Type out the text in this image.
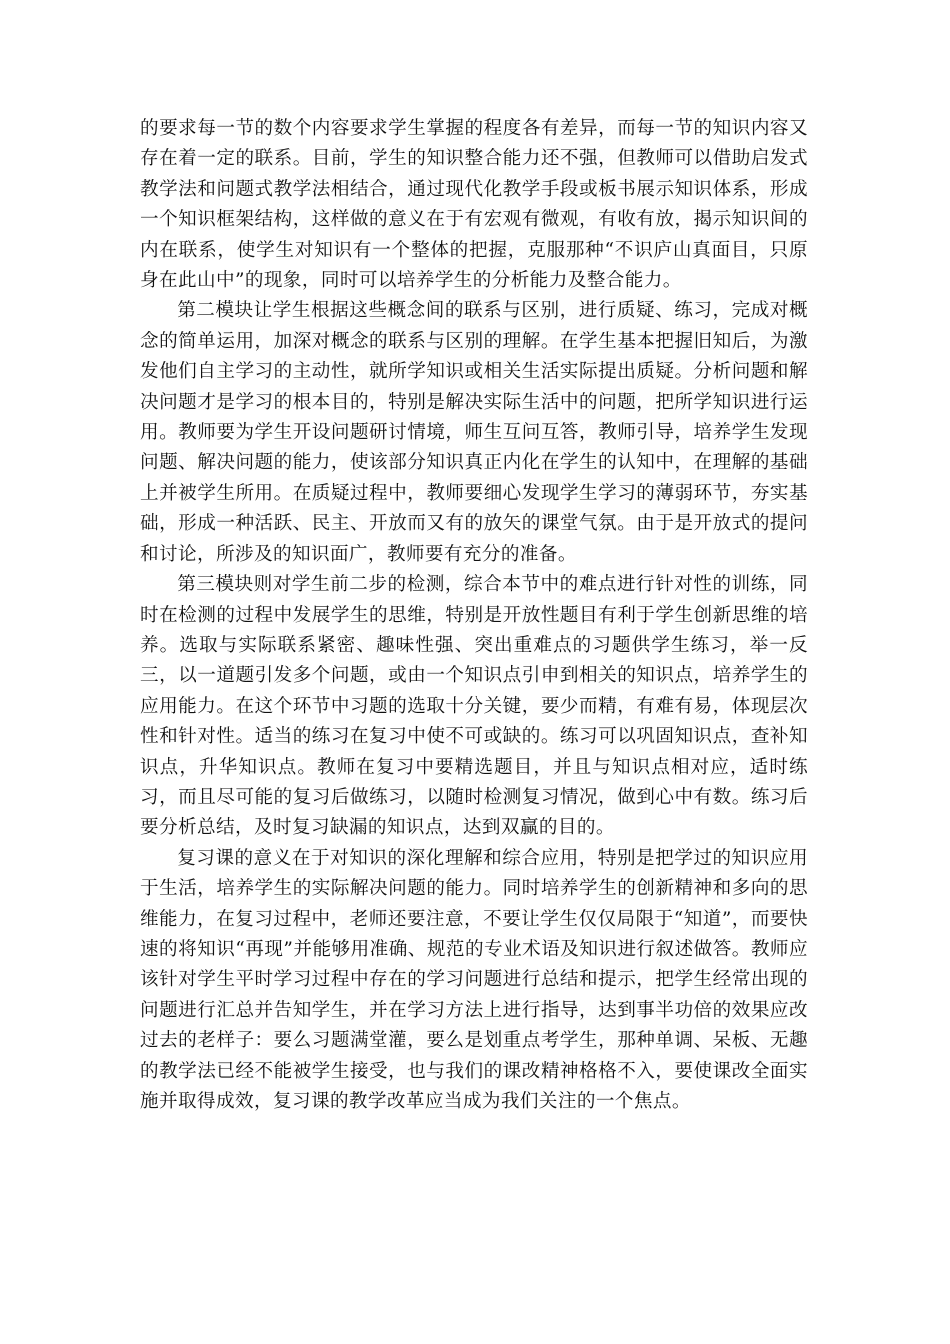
的要求每一节的数个内容要求学生掌握的程度各有差异，而每一节的知识内容又存在着一定的联系。目前，学生的知识整合能力还不强，但教师可以借助启发式教学法和问题式教学法相结合，通过现代化教学手段或板书展示知识体系，形成一个知识框架结构，这样做的意义在于有宏观有微观，有收有放，揭示知识间的内在联系，使学生对知识有一个整体的把握，克服那种“不识庐山真面目，只原身在此山中”的现象，同时可以培养学生的分析能力及整合能力。

第二模块让学生根据这些概念间的联系与区别，进行质疑、练习，完成对概念的简单运用，加深对概念的联系与区别的理解。在学生基本把握旧知后，为激发他们自主学习的主动性，就所学知识或相关生活实际提出质疑。分析问题和解决问题才是学习的根本目的，特别是解决实际生活中的问题，把所学知识进行运用。教师要为学生开设问题研讨情境，师生互问互答，教师引导，培养学生发现问题、解决问题的能力，使该部分知识真正内化在学生的认知中，在理解的基础上并被学生所用。在质疑过程中，教师要细心发现学生学习的薄弱环节，夯实基础，形成一种活跃、民主、开放而又有的放矢的课堂气氛。由于是开放式的提问和讨论，所涉及的知识面广，教师要有充分的准备。

第三模块则对学生前二步的检测，综合本节中的难点进行针对性的训练，同时在检测的过程中发展学生的思维，特别是开放性题目有利于学生创新思维的培养。选取与实际联系紧密、趣味性强、突出重难点的习题供学生练习，举一反三，以一道题引发多个问题，或由一个知识点引申到相关的知识点，培养学生的应用能力。在这个环节中习题的选取十分关键，要少而精，有难有易，体现层次性和针对性。适当的练习在复习中使不可或缺的。练习可以巩固知识点，查补知识点，升华知识点。教师在复习中要精选题目，并且与知识点相对应，适时练习，而且尽可能的复习后做练习，以随时检测复习情况，做到心中有数。练习后要分析总结，及时复习缺漏的知识点，达到双赢的目的。

复习课的意义在于对知识的深化理解和综合应用，特别是把学过的知识应用于生活，培养学生的实际解决问题的能力。同时培养学生的创新精神和多向的思维能力，在复习过程中，老师还要注意，不要让学生仅仅局限于“知道”，而要快速的将知识“再现”并能够用准确、规范的专业术语及知识进行叙述做答。教师应该针对学生平时学习过程中存在的学习问题进行总结和提示，把学生经常出现的问题进行汇总并告知学生，并在学习方法上进行指导，达到事半功倍的效果应改过去的老样子：要么习题满堂灌，要么是划重点考学生，那种单调、呆板、无趣的教学法已经不能被学生接受，也与我们的课改精神格格不入，要使课改全面实施并取得成效，复习课的教学改革应当成为我们关注的一个焦点。
